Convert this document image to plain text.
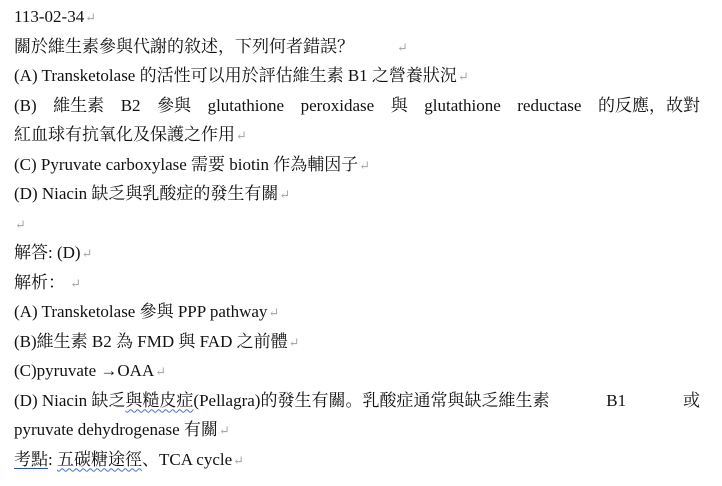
113-02-34↵
關於維生素參與代謝的敘述，下列何者錯誤？	↵
(A) Transketolase 的活性可以用於評估維生素 B1 之營養狀況↵
(B) 維生素 B2 參與 glutathione peroxidase 與 glutathione reductase 的反應，故對
紅血球有抗氧化及保護之作用↵
(C) Pyruvate carboxylase 需要 biotin 作為輔因子↵
(D) Niacin 缺乏與乳酸症的發生有關↵
↵
解答: (D)↵
解析： ↵
(A) Transketolase 參與 PPP pathway↵
(B)維生素 B2 為 FMD 與 FAD 之前體↵
(C)pyruvate →OAA↵
(D) Niacin 缺乏與糙皮症(Pellagra)的發生有關。乳酸症通常與缺乏維生素	B1	或
pyruvate dehydrogenase 有關↵
考點: 五碳糖途徑、TCA cycle↵
